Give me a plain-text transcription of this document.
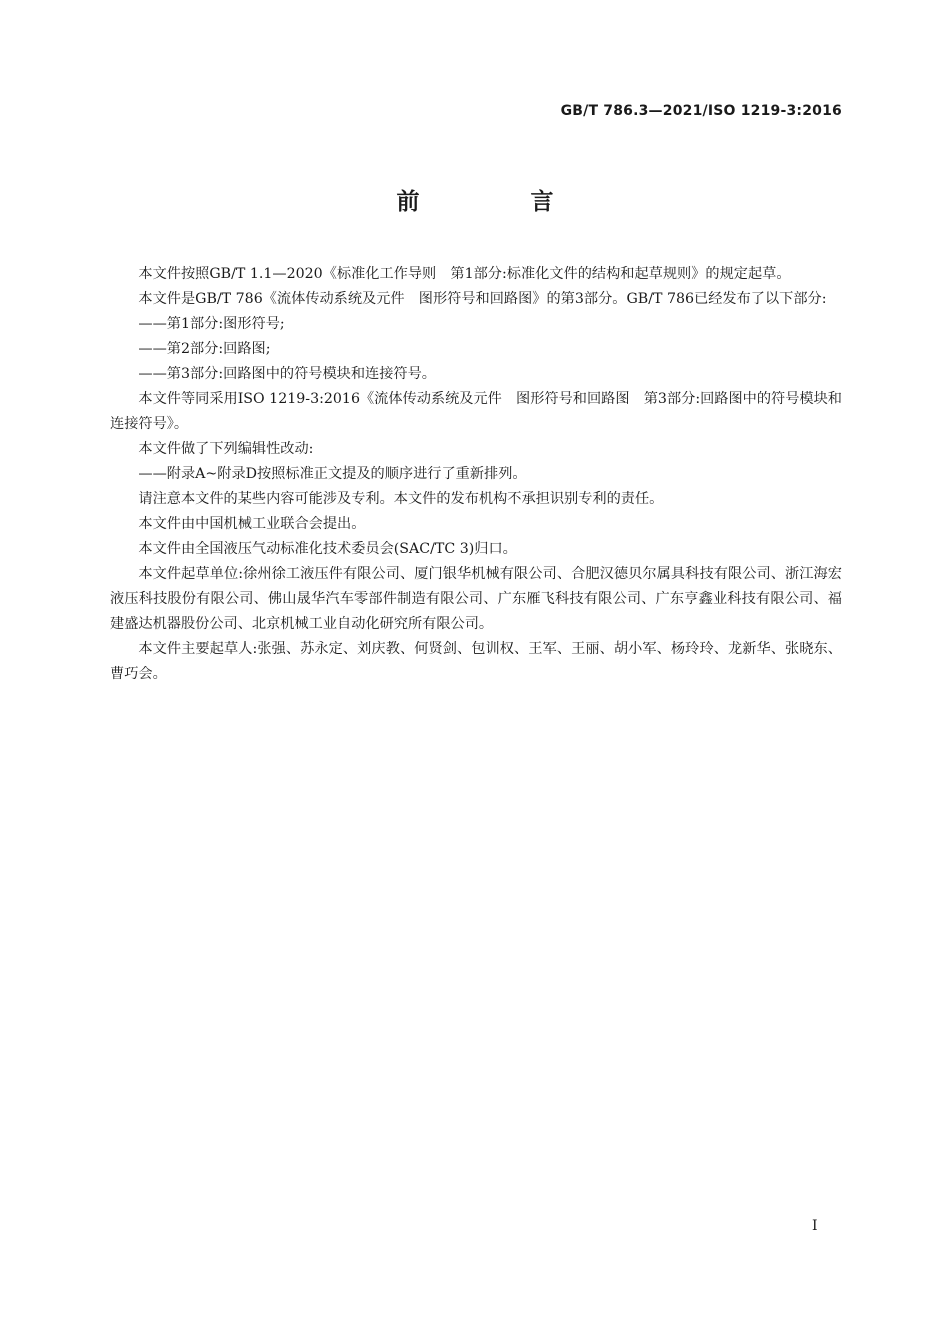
GB/T 786.3—2021/ISO 1219-3:2016
前　言

本文件按照GB/T 1.1—2020《标准化工作导则　第1部分:标准化文件的结构和起草规则》的规定起草。

本文件是GB/T 786《流体传动系统及元件　图形符号和回路图》的第3部分。GB/T 786已经发布了以下部分:

——第1部分:图形符号;

——第2部分:回路图;

——第3部分:回路图中的符号模块和连接符号。

本文件等同采用ISO 1219-3:2016《流体传动系统及元件　图形符号和回路图　第3部分:回路图中的符号模块和连接符号》。

本文件做了下列编辑性改动:

——附录A~附录D按照标准正文提及的顺序进行了重新排列。

请注意本文件的某些内容可能涉及专利。本文件的发布机构不承担识别专利的责任。

本文件由中国机械工业联合会提出。

本文件由全国液压气动标准化技术委员会(SAC/TC 3)归口。

本文件起草单位:徐州徐工液压件有限公司、厦门银华机械有限公司、合肥汉德贝尔属具科技有限公司、浙江海宏液压科技股份有限公司、佛山晟华汽车零部件制造有限公司、广东雁飞科技有限公司、广东亨鑫业科技有限公司、福建盛达机器股份公司、北京机械工业自动化研究所有限公司。

本文件主要起草人:张强、苏永定、刘庆教、何贤剑、包训权、王军、王丽、胡小军、杨玲玲、龙新华、张晓东、曹巧会。

I
